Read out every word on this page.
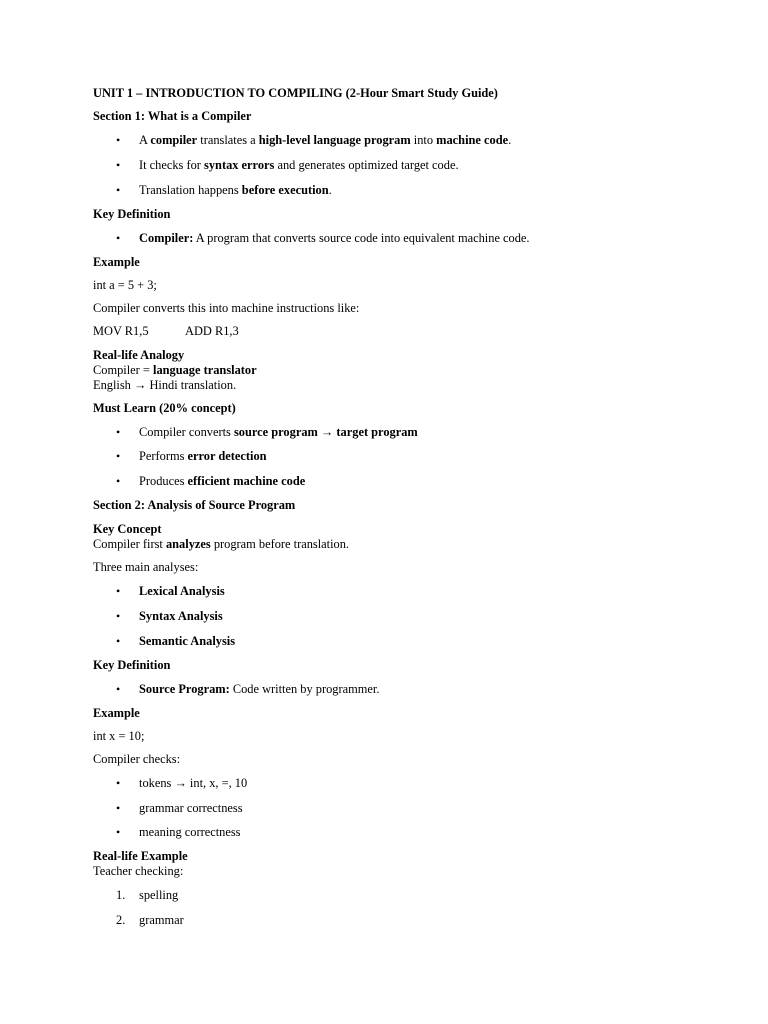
UNIT 1 – INTRODUCTION TO COMPILING (2-Hour Smart Study Guide)

Section 1: What is a Compiler

• A compiler translates a high-level language program into machine code.
• It checks for syntax errors and generates optimized target code.
• Translation happens before execution.

Key Definition

• Compiler: A program that converts source code into equivalent machine code.

Example

int a = 5 + 3;

Compiler converts this into machine instructions like:

MOV R1,5	ADD R1,3

Real-life Analogy

Compiler = language translator

English → Hindi translation.

Must Learn (20% concept)

• Compiler converts source program → target program
• Performs error detection
• Produces efficient machine code

Section 2: Analysis of Source Program

Key Concept

Compiler first analyzes program before translation.

Three main analyses:

• Lexical Analysis
• Syntax Analysis
• Semantic Analysis

Key Definition

• Source Program: Code written by programmer.

Example

int x = 10;

Compiler checks:

• tokens → int, x, =, 10
• grammar correctness
• meaning correctness

Real-life Example

Teacher checking:

1. spelling
2. grammar
